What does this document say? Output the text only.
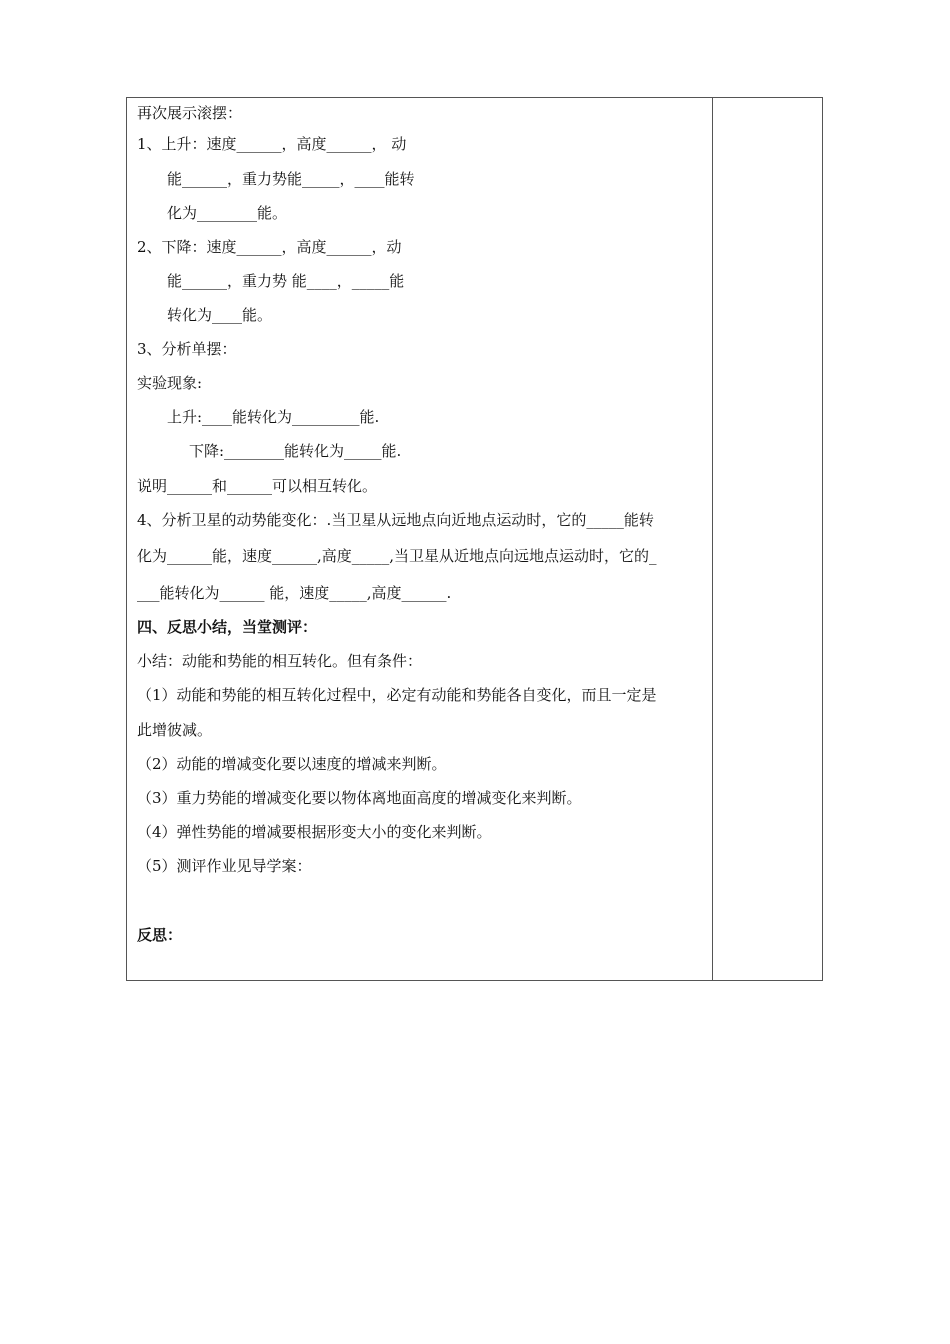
再次展示滚摆：
1、上升：速度______，高度______， 动
能______，重力势能_____，____能转
化为________能。
2、下降：速度______，高度______，动
能______，重力势 能____，_____能
转化为____能。
3、分析单摆：
实验现象:
上升:____能转化为_________能.
下降:________能转化为_____能.
说明______和______可以相互转化。
4、分析卫星的动势能变化：.当卫星从远地点向近地点运动时，它的_____能转
化为______能，速度______,高度_____,当卫星从近地点向远地点运动时，它的_
___能转化为______ 能，速度_____,高度______.
四、反思小结，当堂测评：
小结：动能和势能的相互转化。但有条件：
（1）动能和势能的相互转化过程中，必定有动能和势能各自变化，而且一定是
此增彼减。
（2）动能的增减变化要以速度的增减来判断。
（3）重力势能的增减变化要以物体离地面高度的增减变化来判断。
（4）弹性势能的增减要根据形变大小的变化来判断。
（5）测评作业见导学案：
反思：
